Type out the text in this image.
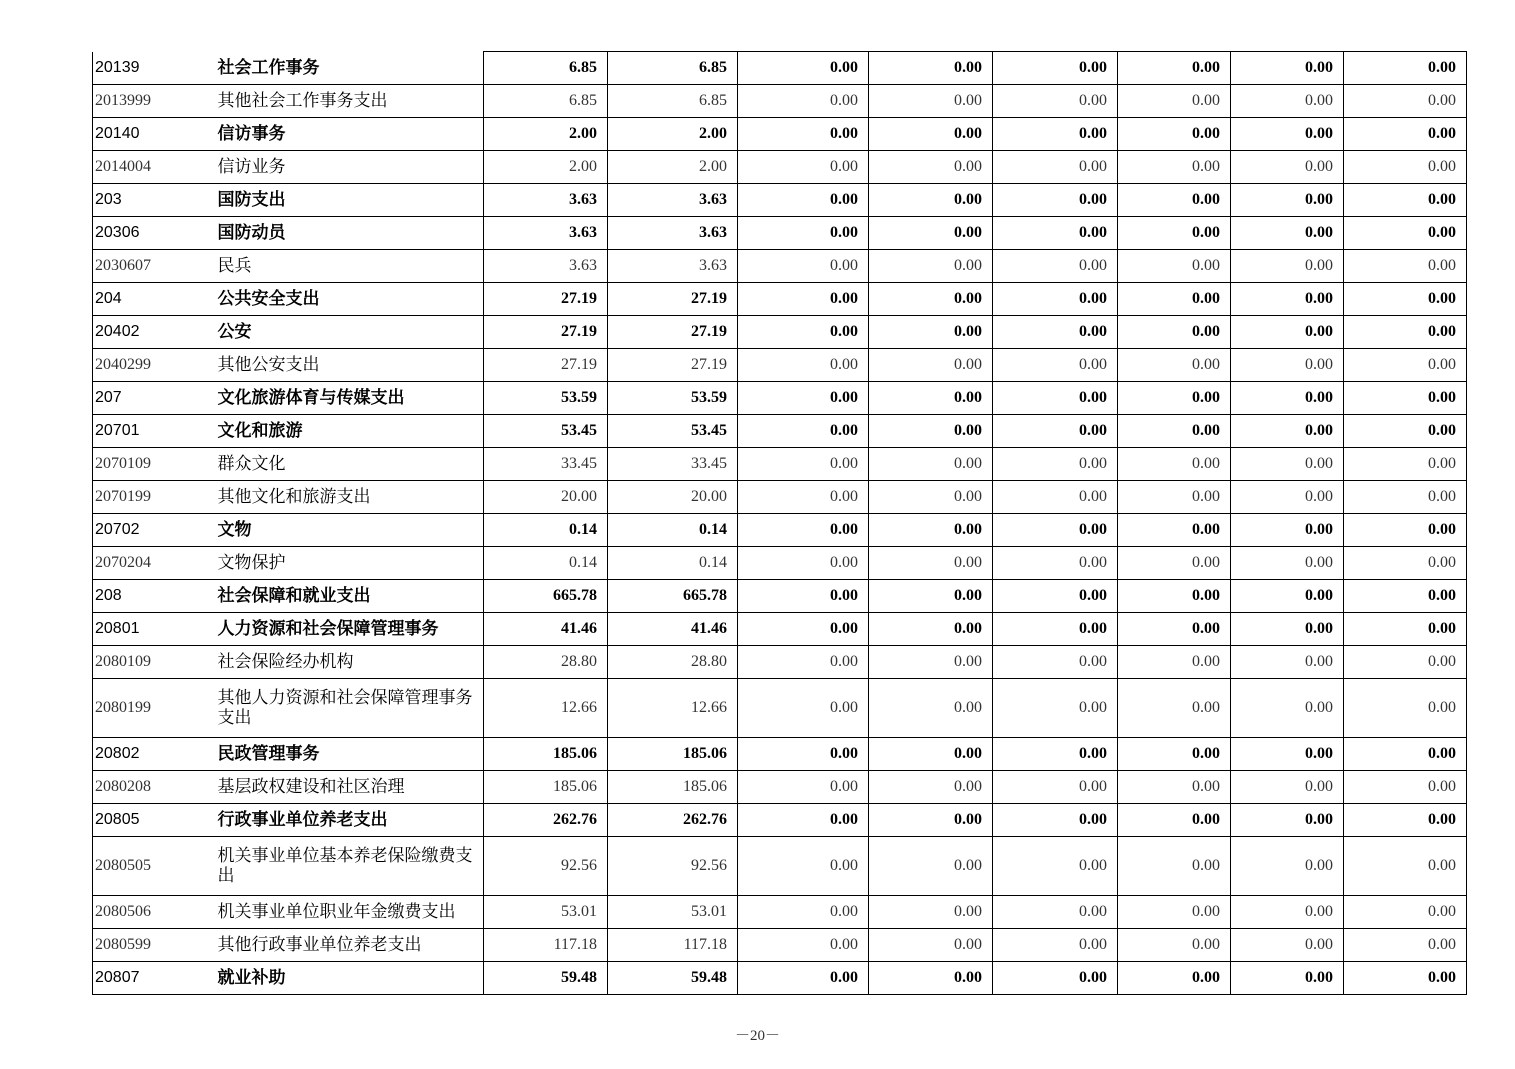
20139	社会工作事务	6.85	6.85	0.00	0.00	0.00	0.00	0.00	0.00
2013999	其他社会工作事务支出	6.85	6.85	0.00	0.00	0.00	0.00	0.00	0.00
20140	信访事务	2.00	2.00	0.00	0.00	0.00	0.00	0.00	0.00
2014004	信访业务	2.00	2.00	0.00	0.00	0.00	0.00	0.00	0.00
203	国防支出	3.63	3.63	0.00	0.00	0.00	0.00	0.00	0.00
20306	国防动员	3.63	3.63	0.00	0.00	0.00	0.00	0.00	0.00
2030607	民兵	3.63	3.63	0.00	0.00	0.00	0.00	0.00	0.00
204	公共安全支出	27.19	27.19	0.00	0.00	0.00	0.00	0.00	0.00
20402	公安	27.19	27.19	0.00	0.00	0.00	0.00	0.00	0.00
2040299	其他公安支出	27.19	27.19	0.00	0.00	0.00	0.00	0.00	0.00
207	文化旅游体育与传媒支出	53.59	53.59	0.00	0.00	0.00	0.00	0.00	0.00
20701	文化和旅游	53.45	53.45	0.00	0.00	0.00	0.00	0.00	0.00
2070109	群众文化	33.45	33.45	0.00	0.00	0.00	0.00	0.00	0.00
2070199	其他文化和旅游支出	20.00	20.00	0.00	0.00	0.00	0.00	0.00	0.00
20702	文物	0.14	0.14	0.00	0.00	0.00	0.00	0.00	0.00
2070204	文物保护	0.14	0.14	0.00	0.00	0.00	0.00	0.00	0.00
208	社会保障和就业支出	665.78	665.78	0.00	0.00	0.00	0.00	0.00	0.00
20801	人力资源和社会保障管理事务	41.46	41.46	0.00	0.00	0.00	0.00	0.00	0.00
2080109	社会保险经办机构	28.80	28.80	0.00	0.00	0.00	0.00	0.00	0.00
2080199	其他人力资源和社会保障管理事务支出	12.66	12.66	0.00	0.00	0.00	0.00	0.00	0.00
20802	民政管理事务	185.06	185.06	0.00	0.00	0.00	0.00	0.00	0.00
2080208	基层政权建设和社区治理	185.06	185.06	0.00	0.00	0.00	0.00	0.00	0.00
20805	行政事业单位养老支出	262.76	262.76	0.00	0.00	0.00	0.00	0.00	0.00
2080505	机关事业单位基本养老保险缴费支出	92.56	92.56	0.00	0.00	0.00	0.00	0.00	0.00
2080506	机关事业单位职业年金缴费支出	53.01	53.01	0.00	0.00	0.00	0.00	0.00	0.00
2080599	其他行政事业单位养老支出	117.18	117.18	0.00	0.00	0.00	0.00	0.00	0.00
20807	就业补助	59.48	59.48	0.00	0.00	0.00	0.00	0.00	0.00
－20－
